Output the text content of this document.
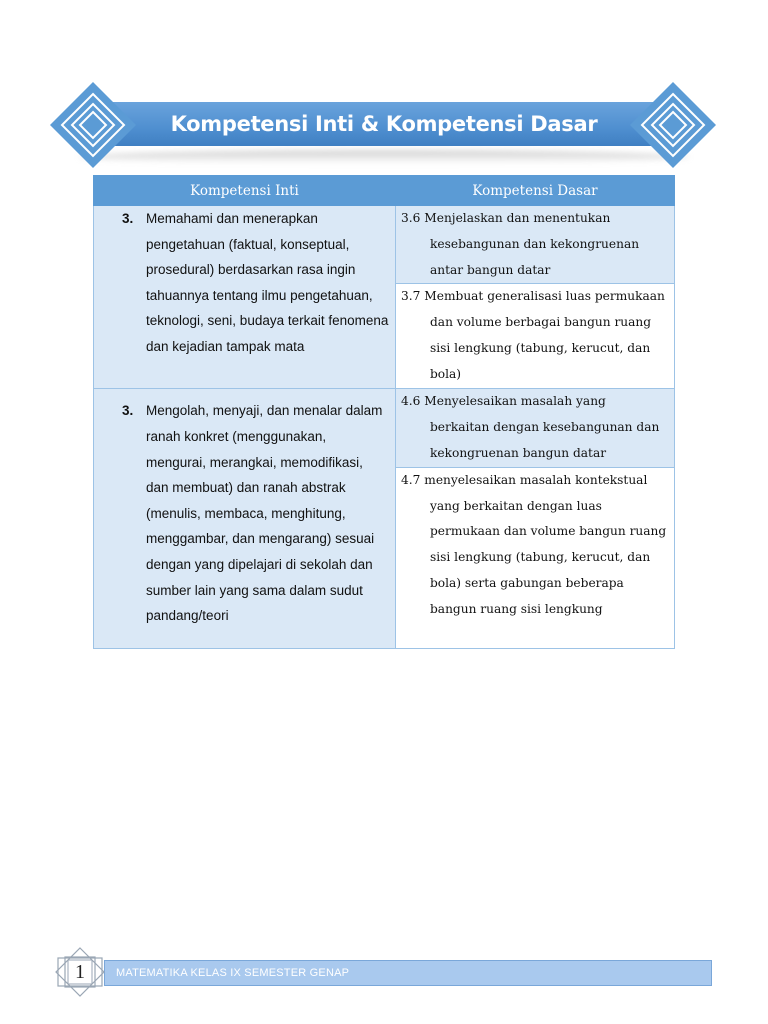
Kompetensi Inti & Kompetensi Dasar
Kompetensi Inti	Kompetensi Dasar

3. Memahami dan menerapkan pengetahuan (faktual, konseptual, prosedural) berdasarkan rasa ingin tahuannya tentang ilmu pengetahuan, teknologi, seni, budaya terkait fenomena dan kejadian tampak mata	3.6 Menjelaskan dan menentukan kesebangunan dan kekongruenan antar bangun datar

	3.7 Membuat generalisasi luas permukaan dan volume berbagai bangun ruang sisi lengkung (tabung, kerucut, dan bola)

3. Mengolah, menyaji, dan menalar dalam ranah konkret (menggunakan, mengurai, merangkai, memodifikasi, dan membuat) dan ranah abstrak (menulis, membaca, menghitung, menggambar, dan mengarang) sesuai dengan yang dipelajari di sekolah dan sumber lain yang sama dalam sudut pandang/teori	4.6 Menyelesaikan masalah yang berkaitan dengan kesebangunan dan kekongruenan bangun datar

	4.7 menyelesaikan masalah kontekstual yang berkaitan dengan luas permukaan dan volume bangun ruang sisi lengkung (tabung, kerucut, dan bola) serta gabungan beberapa bangun ruang sisi lengkung
MATEMATIKA KELAS IX SEMESTER GENAP
1
